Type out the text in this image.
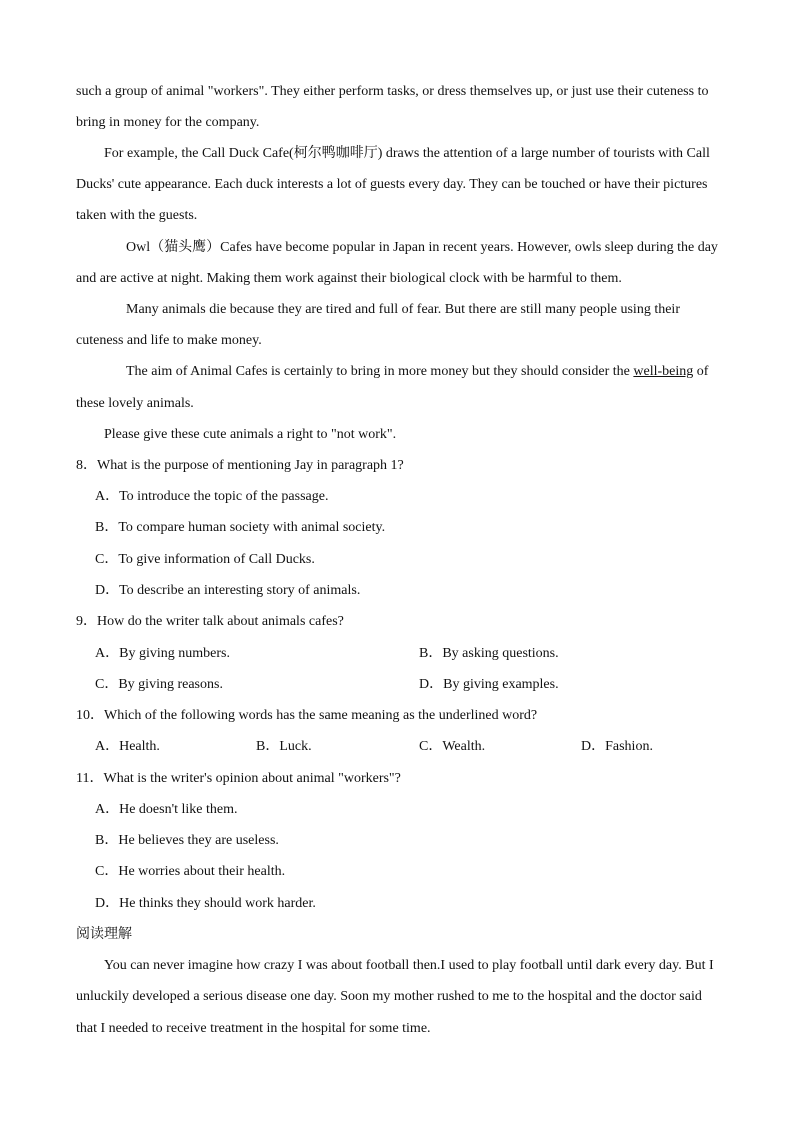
such a group of animal "workers". They either perform tasks, or dress themselves up, or just use their cuteness to
bring in money for the company.
For example, the Call Duck Cafe(柯尔鸭咖啡厅) draws the attention of a large number of tourists with Call
Ducks' cute appearance. Each duck interests a lot of guests every day. They can be touched or have their pictures
taken with the guests.
Owl（猫头鹰）Cafes have become popular in Japan in recent years. However, owls sleep during the day
and are active at night. Making them work against their biological clock with be harmful to them.
Many animals die because they are tired and full of fear. But there are still many people using their
cuteness and life to make money.
The aim of Animal Cafes is certainly to bring in more money but they should consider the well-being of
these lovely animals.
Please give these cute animals a right to "not work".
8．What is the purpose of mentioning Jay in paragraph 1?
A．To introduce the topic of the passage.
B．To compare human society with animal society.
C．To give information of Call Ducks.
D．To describe an interesting story of animals.
9．How do the writer talk about animals cafes?
A．By giving numbers.	B．By asking questions.
C．By giving reasons.	D．By giving examples.
10．Which of the following words has the same meaning as the underlined word?
A．Health.	B．Luck.	C．Wealth.	D．Fashion.
11．What is the writer's opinion about animal "workers"?
A．He doesn't like them.
B．He believes they are useless.
C．He worries about their health.
D．He thinks they should work harder.
阅读理解
You can never imagine how crazy I was about football then.I used to play football until dark every day. But I
unluckily developed a serious disease one day. Soon my mother rushed to me to the hospital and the doctor said
that I needed to receive treatment in the hospital for some time.
